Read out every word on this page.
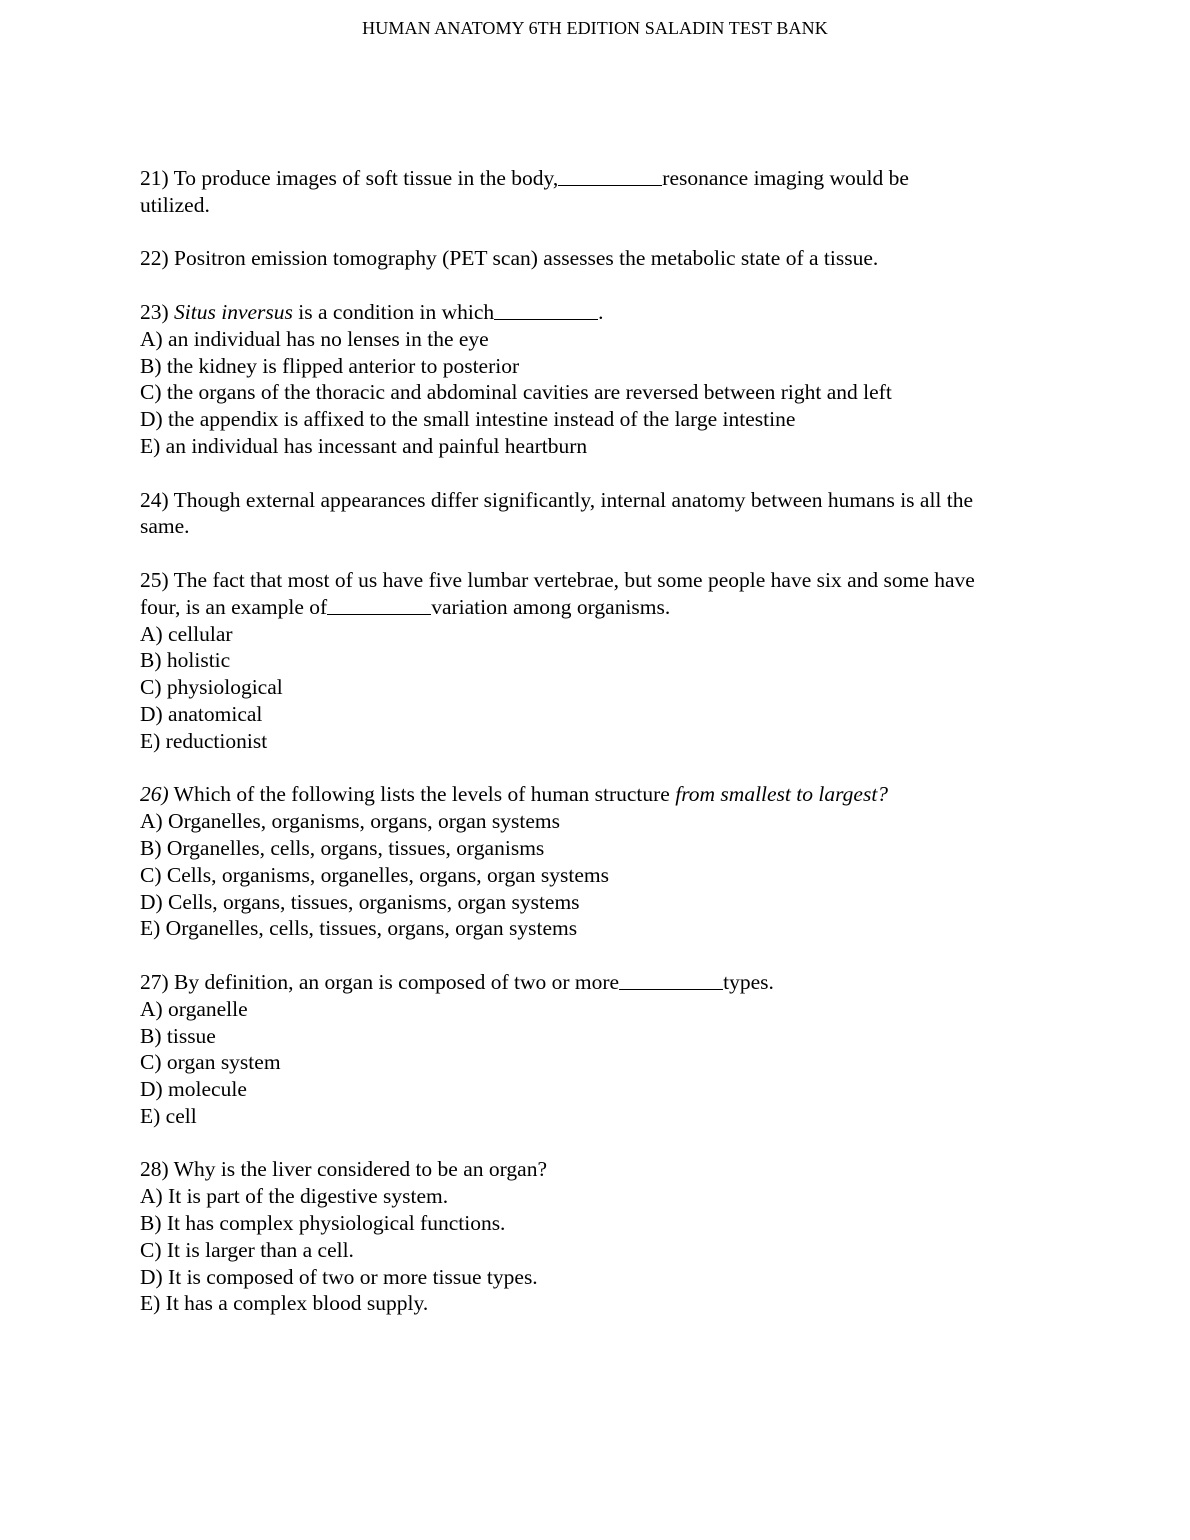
HUMAN ANATOMY 6TH EDITION SALADIN TEST BANK
21) To produce images of soft tissue in the body,	resonance imaging would be
utilized.
22) Positron emission tomography (PET scan) assesses the metabolic state of a tissue.
23) Situs inversus is a condition in which	.
A) an individual has no lenses in the eye
B) the kidney is flipped anterior to posterior
C) the organs of the thoracic and abdominal cavities are reversed between right and left
D) the appendix is affixed to the small intestine instead of the large intestine
E) an individual has incessant and painful heartburn
24) Though external appearances differ significantly, internal anatomy between humans is all the
same.
25) The fact that most of us have five lumbar vertebrae, but some people have six and some have
four, is an example of	variation among organisms.
A) cellular
B) holistic
C) physiological
D) anatomical
E) reductionist
26) Which of the following lists the levels of human structure from smallest to largest?
A) Organelles, organisms, organs, organ systems
B) Organelles, cells, organs, tissues, organisms
C) Cells, organisms, organelles, organs, organ systems
D) Cells, organs, tissues, organisms, organ systems
E) Organelles, cells, tissues, organs, organ systems
27) By definition, an organ is composed of two or more	types.
A) organelle
B) tissue
C) organ system
D) molecule
E) cell
28) Why is the liver considered to be an organ?
A) It is part of the digestive system.
B) It has complex physiological functions.
C) It is larger than a cell.
D) It is composed of two or more tissue types.
E) It has a complex blood supply.
